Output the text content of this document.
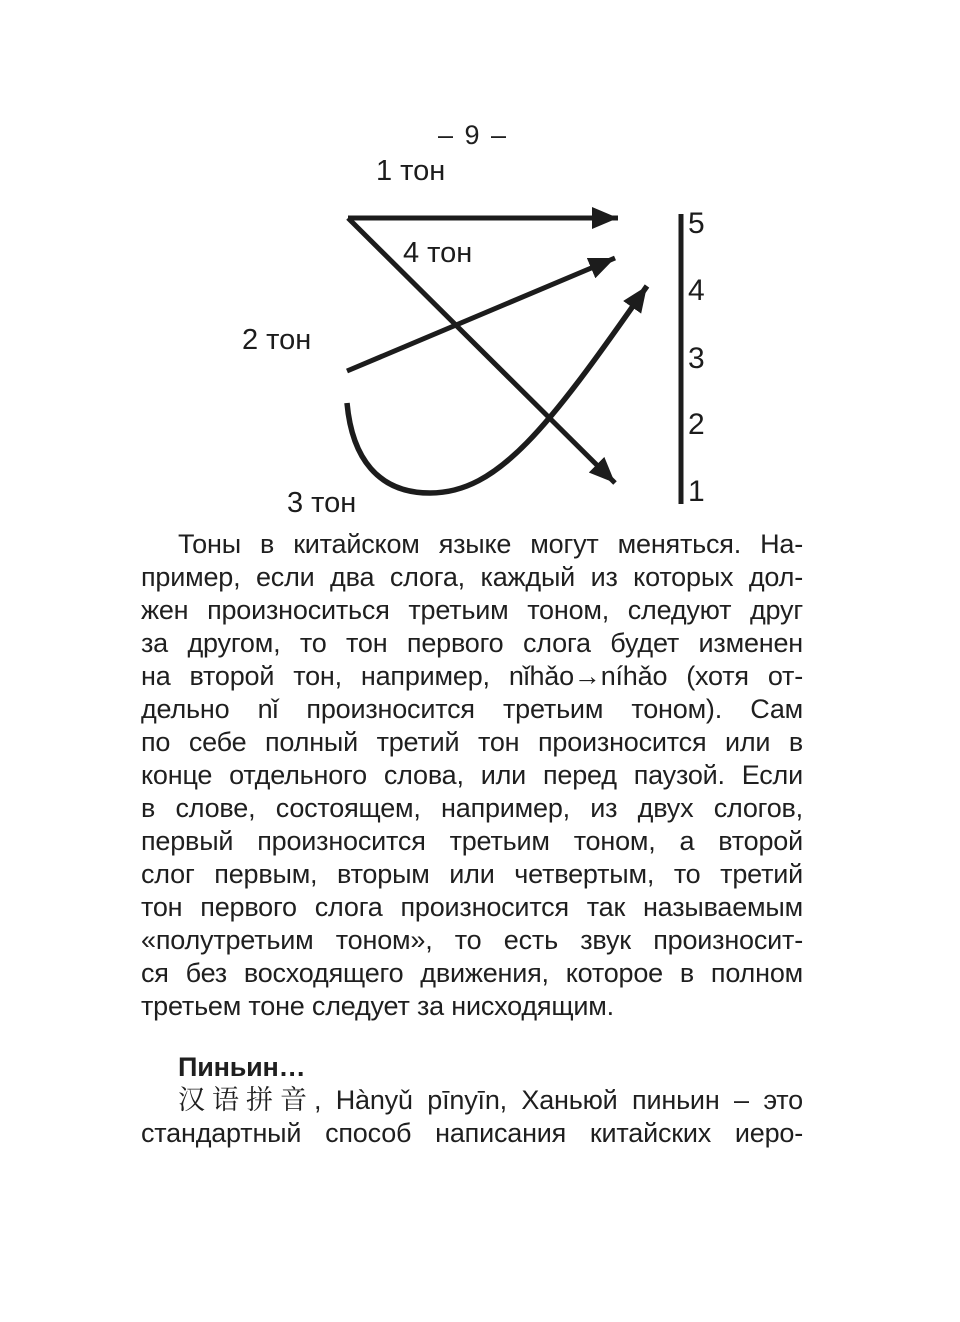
– 9 –
1 тон
4 тон
2 тон
3 тон
5
4
3
2
1
Тоны в китайском языке могут меняться. На-
пример, если два слога, каждый из которых дол-
жен произноситься третьим тоном, следуют друг
за другом, то тон первого слога будет изменен
на второй тон, например, nǐhǎo→níhǎo (хотя от-
дельно nǐ произносится третьим тоном). Сам
по себе полный третий тон произносится или в
конце отдельного слова, или перед паузой. Если
в слове, состоящем, например, из двух слогов,
первый произносится третьим тоном, а второй
слог первым, вторым или четвертым, то третий
тон первого слога произносится так называемым
«полутретьим тоном», то есть звук произносит-
ся без восходящего движения, которое в полном
третьем тоне следует за нисходящим.
Пиньин…
汉语拼音, Hànyǔ pīnyīn, Ханьюй пиньин – это
стандартный способ написания китайских иеро-
